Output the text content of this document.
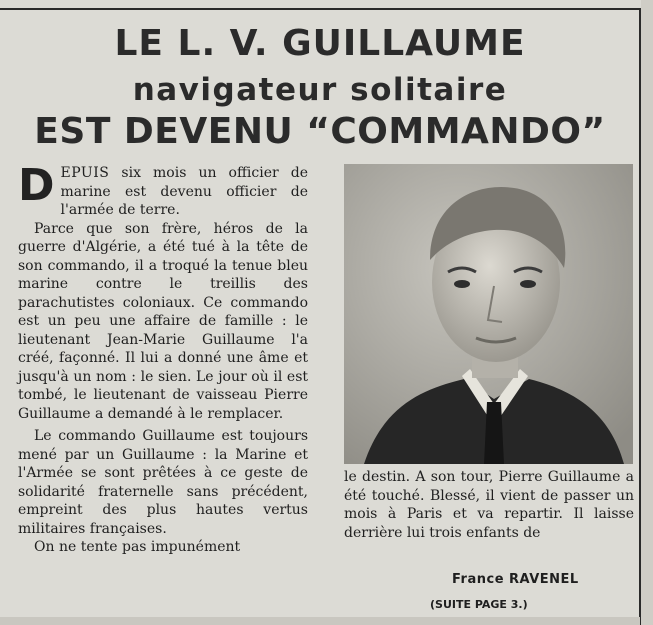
LE L. V. GUILLAUME
navigateur solitaire
EST DEVENU “COMMANDO”

DEPUIS six mois un officier de marine est devenu officier de l'armée de terre.

Parce que son frère, héros de la guerre d'Algérie, a été tué à la tête de son commando, il a troqué la tenue bleu marine contre le treillis des parachutistes coloniaux. Ce commando est un peu une affaire de famille : le lieutenant Jean-Marie Guillaume l'a créé, façonné. Il lui a donné une âme et jusqu'à un nom : le sien. Le jour où il est tombé, le lieutenant de vaisseau Pierre Guillaume a demandé à le remplacer.

Le commando Guillaume est toujours mené par un Guillaume : la Marine et l'Armée se sont prêtées à ce geste de solidarité fraternelle sans précédent, empreint des plus hautes vertus militaires françaises.

On ne tente pas impunément

le destin. A son tour, Pierre Guillaume a été touché. Blessé, il vient de passer un mois à Paris et va repartir. Il laisse derrière lui trois enfants de

France RAVENEL
(SUITE PAGE 3.)
